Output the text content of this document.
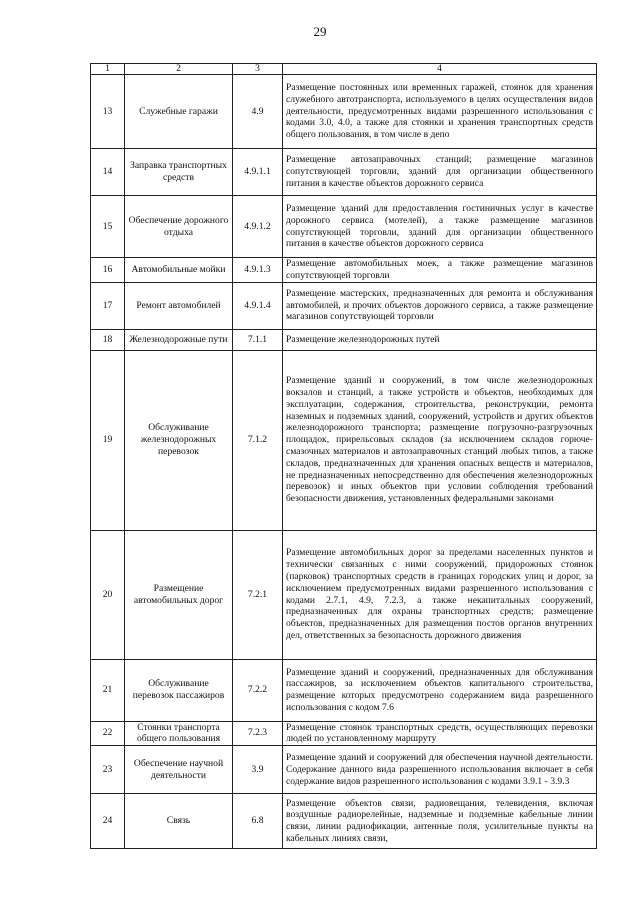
29
1	2	3	4
13	Служебные гаражи	4.9	Размещение постоянных или временных гаражей, стоянок для хранения служебного автотранспорта, используемого в целях осуществления видов деятельности, предусмотренных видами разрешенного использования с кодами 3.0, 4.0, а также для стоянки и хранения транспортных средств общего пользования, в том числе в депо
14	Заправка транспортных средств	4.9.1.1	Размещение автозаправочных станций; размещение магазинов сопутствующей торговли, зданий для организации общественного питания в качестве объектов дорожного сервиса
15	Обеспечение дорожного отдыха	4.9.1.2	Размещение зданий для предоставления гостиничных услуг в качестве дорожного сервиса (мотелей), а также размещение магазинов сопутствующей торговли, зданий для организации общественного питания в качестве объектов дорожного сервиса
16	Автомобильные мойки	4.9.1.3	Размещение автомобильных моек, а также размещение магазинов сопутствующей торговли
17	Ремонт автомобилей	4.9.1.4	Размещение мастерских, предназначенных для ремонта и обслуживания автомобилей, и прочих объектов дорожного сервиса, а также размещение магазинов сопутствующей торговли
18	Железнодорожные пути	7.1.1	Размещение железнодорожных путей
19	Обслуживание железнодорожных перевозок	7.1.2	Размещение зданий и сооружений, в том числе железнодорожных вокзалов и станций, а также устройств и объектов, необходимых для эксплуатации, содержания, строительства, реконструкции, ремонта наземных и подземных зданий, сооружений, устройств и других объектов железнодорожного транспорта; размещение погрузочно-разгрузочных площадок, прирельсовых складов (за исключением складов горюче-смазочных материалов и автозаправочных станций любых типов, а также складов, предназначенных для хранения опасных веществ и материалов, не предназначенных непосредственно для обеспечения железнодорожных перевозок) и иных объектов при условии соблюдения требований безопасности движения, установленных федеральными законами
20	Размещение автомобильных дорог	7.2.1	Размещение автомобильных дорог за пределами населенных пунктов и технически связанных с ними сооружений, придорожных стоянок (парковок) транспортных средств в границах городских улиц и дорог, за исключением предусмотренных видами разрешенного использования с кодами 2.7.1, 4.9, 7.2.3, а также некапитальных сооружений, предназначенных для охраны транспортных средств; размещение объектов, предназначенных для размещения постов органов внутренних дел, ответственных за безопасность дорожного движения
21	Обслуживание перевозок пассажиров	7.2.2	Размещение зданий и сооружений, предназначенных для обслуживания пассажиров, за исключением объектов капитального строительства, размещение которых предусмотрено содержанием вида разрешенного использования с кодом 7.6
22	Стоянки транспорта общего пользования	7.2.3	Размещение стоянок транспортных средств, осуществляющих перевозки людей по установленному маршруту
23	Обеспечение научной деятельности	3.9	Размещение зданий и сооружений для обеспечения научной деятельности. Содержание данного вида разрешенного использования включает в себя содержание видов разрешенного использования с кодами 3.9.1 - 3.9.3
24	Связь	6.8	Размещение объектов связи, радиовещания, телевидения, включая воздушные радиорелейные, надземные и подземные кабельные линии связи, линии радиофикации, антенные поля, усилительные пункты на кабельных линиях связи,
